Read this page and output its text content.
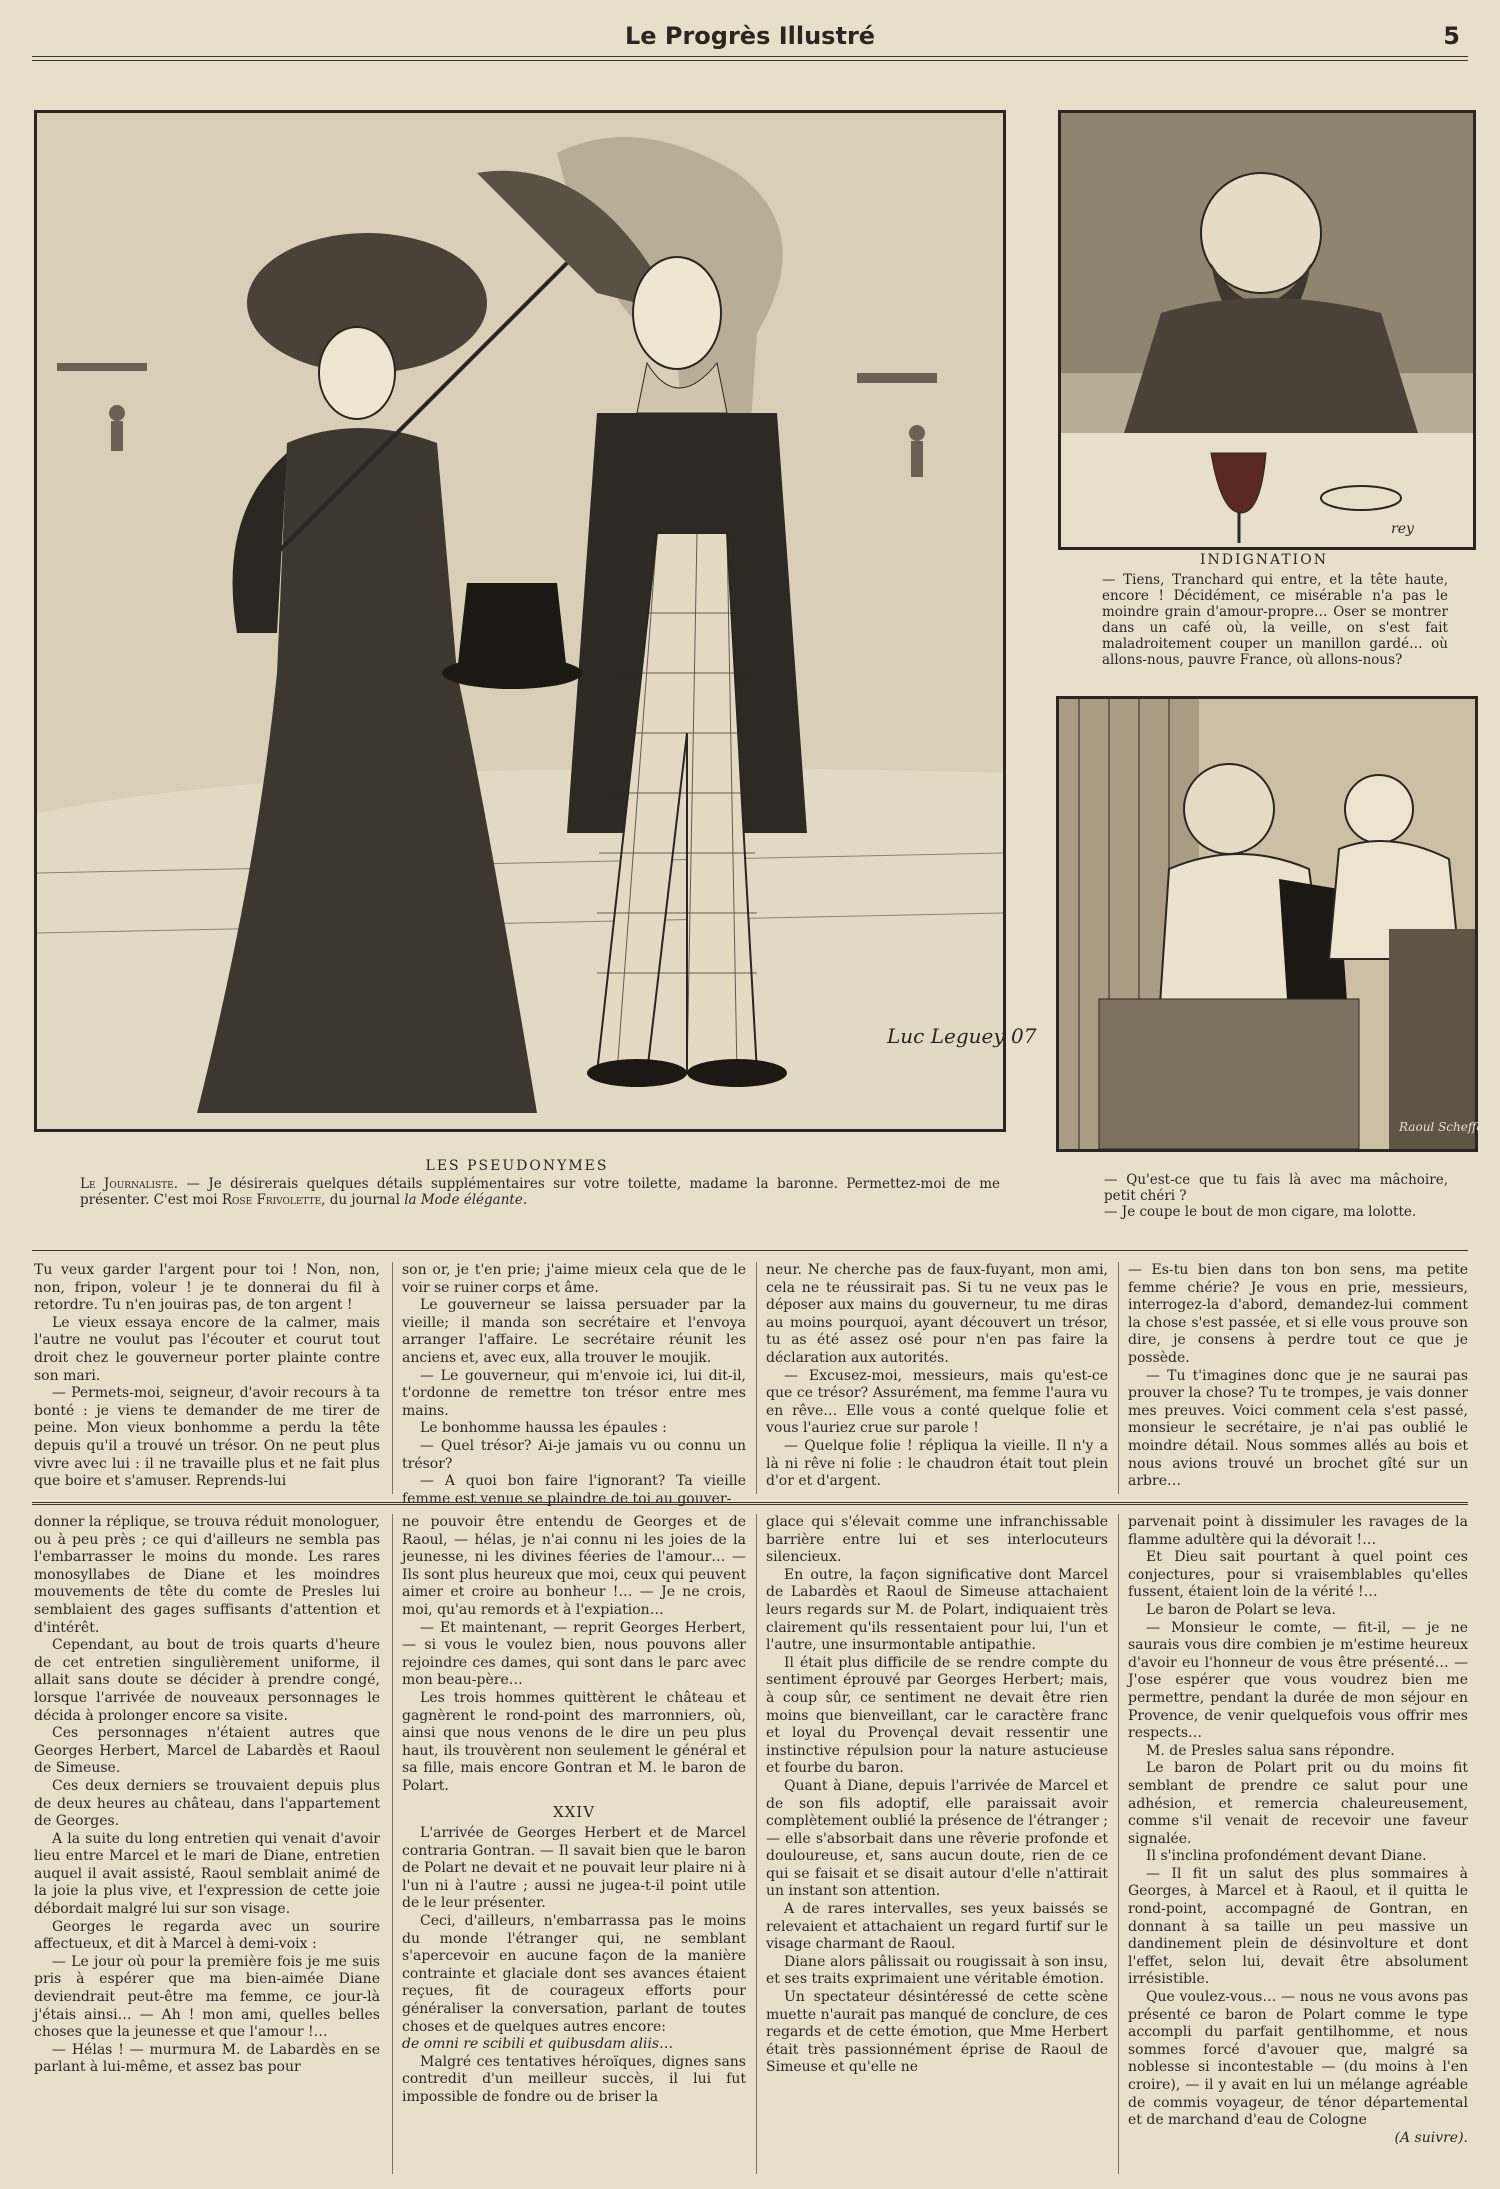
Le Progrès Illustré	5
Luc Leguey 07
rey
INDIGNATION
— Tiens, Tranchard qui entre, et la tête haute, encore ! Décidément, ce misérable n'a pas le moindre grain d'amour-propre… Oser se montrer dans un café où, la veille, on s'est fait maladroitement couper un manillon gardé… où allons-nous, pauvre France, où allons-nous?
Raoul Scheffer
LES PSEUDONYMES
Le Journaliste. — Je désirerais quelques détails supplémentaires sur votre toilette, madame la baronne. Permettez-moi de me présenter. C'est moi Rose Frivolette, du journal la Mode élégante.
— Qu'est-ce que tu fais là avec ma mâchoire, petit chéri ?
— Je coupe le bout de mon cigare, ma lolotte.

Tu veux garder l'argent pour toi ! Non, non, non, fripon, voleur ! je te donnerai du fil à retordre. Tu n'en jouiras pas, de ton argent !

Le vieux essaya encore de la calmer, mais l'autre ne voulut pas l'écouter et courut tout droit chez le gouverneur porter plainte contre son mari.

— Permets-moi, seigneur, d'avoir recours à ta bonté : je viens te demander de me tirer de peine. Mon vieux bonhomme a perdu la tête depuis qu'il a trouvé un trésor. On ne peut plus vivre avec lui : il ne travaille plus et ne fait plus que boire et s'amuser. Reprends-lui

son or, je t'en prie; j'aime mieux cela que de le voir se ruiner corps et âme.

Le gouverneur se laissa persuader par la vieille; il manda son secrétaire et l'envoya arranger l'affaire. Le secrétaire réunit les anciens et, avec eux, alla trouver le moujik.

— Le gouverneur, qui m'envoie ici, lui dit-il, t'ordonne de remettre ton trésor entre mes mains.

Le bonhomme haussa les épaules :

— Quel trésor? Ai-je jamais vu ou connu un trésor?

— A quoi bon faire l'ignorant? Ta vieille femme est venue se plaindre de toi au gouver-

neur. Ne cherche pas de faux-fuyant, mon ami, cela ne te réussirait pas. Si tu ne veux pas le déposer aux mains du gouverneur, tu me diras au moins pourquoi, ayant découvert un trésor, tu as été assez osé pour n'en pas faire la déclaration aux autorités.

— Excusez-moi, messieurs, mais qu'est-ce que ce trésor? Assurément, ma femme l'aura vu en rêve… Elle vous a conté quelque folie et vous l'auriez crue sur parole !

— Quelque folie ! répliqua la vieille. Il n'y a là ni rêve ni folie : le chaudron était tout plein d'or et d'argent.

— Es-tu bien dans ton bon sens, ma petite femme chérie? Je vous en prie, messieurs, interrogez-la d'abord, demandez-lui comment la chose s'est passée, et si elle vous prouve son dire, je consens à perdre tout ce que je possède.

— Tu t'imagines donc que je ne saurai pas prouver la chose? Tu te trompes, je vais donner mes preuves. Voici comment cela s'est passé, monsieur le secrétaire, je n'ai pas oublié le moindre détail. Nous sommes allés au bois et nous avions trouvé un brochet gîté sur un arbre…

donner la réplique, se trouva réduit monologuer, ou à peu près ; ce qui d'ailleurs ne sembla pas l'embarrasser le moins du monde. Les rares monosyllabes de Diane et les moindres mouvements de tête du comte de Presles lui semblaient des gages suffisants d'attention et d'intérêt.

Cependant, au bout de trois quarts d'heure de cet entretien singulièrement uniforme, il allait sans doute se décider à prendre congé, lorsque l'arrivée de nouveaux personnages le décida à prolonger encore sa visite.

Ces personnages n'étaient autres que Georges Herbert, Marcel de Labardès et Raoul de Simeuse.

Ces deux derniers se trouvaient depuis plus de deux heures au château, dans l'appartement de Georges.

A la suite du long entretien qui venait d'avoir lieu entre Marcel et le mari de Diane, entretien auquel il avait assisté, Raoul semblait animé de la joie la plus vive, et l'expression de cette joie débordait malgré lui sur son visage.

Georges le regarda avec un sourire affectueux, et dit à Marcel à demi-voix :

— Le jour où pour la première fois je me suis pris à espérer que ma bien-aimée Diane deviendrait peut-être ma femme, ce jour-là j'étais ainsi… — Ah ! mon ami, quelles belles choses que la jeunesse et que l'amour !…

— Hélas ! — murmura M. de Labardès en se parlant à lui-même, et assez bas pour

ne pouvoir être entendu de Georges et de Raoul, — hélas, je n'ai connu ni les joies de la jeunesse, ni les divines féeries de l'amour… — Ils sont plus heureux que moi, ceux qui peuvent aimer et croire au bonheur !… — Je ne crois, moi, qu'au remords et à l'expiation…

— Et maintenant, — reprit Georges Herbert, — si vous le voulez bien, nous pouvons aller rejoindre ces dames, qui sont dans le parc avec mon beau-père…

Les trois hommes quittèrent le château et gagnèrent le rond-point des marronniers, où, ainsi que nous venons de le dire un peu plus haut, ils trouvèrent non seulement le général et sa fille, mais encore Gontran et M. le baron de Polart.

XXIV

L'arrivée de Georges Herbert et de Marcel contraria Gontran. — Il savait bien que le baron de Polart ne devait et ne pouvait leur plaire ni à l'un ni à l'autre ; aussi ne jugea-t-il point utile de le leur présenter.

Ceci, d'ailleurs, n'embarrassa pas le moins du monde l'étranger qui, ne semblant s'apercevoir en aucune façon de la manière contrainte et glaciale dont ses avances étaient reçues, fit de courageux efforts pour généraliser la conversation, parlant de toutes choses et de quelques autres encore:

de omni re scibili et quibusdam aliis…

Malgré ces tentatives héroïques, dignes sans contredit d'un meilleur succès, il lui fut impossible de fondre ou de briser la

glace qui s'élevait comme une infranchissable barrière entre lui et ses interlocuteurs silencieux.

En outre, la façon significative dont Marcel de Labardès et Raoul de Simeuse attachaient leurs regards sur M. de Polart, indiquaient très clairement qu'ils ressentaient pour lui, l'un et l'autre, une insurmontable antipathie.

Il était plus difficile de se rendre compte du sentiment éprouvé par Georges Herbert; mais, à coup sûr, ce sentiment ne devait être rien moins que bienveillant, car le caractère franc et loyal du Provençal devait ressentir une instinctive répulsion pour la nature astucieuse et fourbe du baron.

Quant à Diane, depuis l'arrivée de Marcel et de son fils adoptif, elle paraissait avoir complètement oublié la présence de l'étranger ; — elle s'absorbait dans une rêverie profonde et douloureuse, et, sans aucun doute, rien de ce qui se faisait et se disait autour d'elle n'attirait un instant son attention.

A de rares intervalles, ses yeux baissés se relevaient et attachaient un regard furtif sur le visage charmant de Raoul.

Diane alors pâlissait ou rougissait à son insu, et ses traits exprimaient une véritable émotion.

Un spectateur désintéressé de cette scène muette n'aurait pas manqué de conclure, de ces regards et de cette émotion, que Mme Herbert était très passionnément éprise de Raoul de Simeuse et qu'elle ne

parvenait point à dissimuler les ravages de la flamme adultère qui la dévorait !…

Et Dieu sait pourtant à quel point ces conjectures, pour si vraisemblables qu'elles fussent, étaient loin de la vérité !…

Le baron de Polart se leva.

— Monsieur le comte, — fit-il, — je ne saurais vous dire combien je m'estime heureux d'avoir eu l'honneur de vous être présenté… — J'ose espérer que vous voudrez bien me permettre, pendant la durée de mon séjour en Provence, de venir quelquefois vous offrir mes respects…

M. de Presles salua sans répondre.

Le baron de Polart prit ou du moins fit semblant de prendre ce salut pour une adhésion, et remercia chaleureusement, comme s'il venait de recevoir une faveur signalée.

Il s'inclina profondément devant Diane.

— Il fit un salut des plus sommaires à Georges, à Marcel et à Raoul, et il quitta le rond-point, accompagné de Gontran, en donnant à sa taille un peu massive un dandinement plein de désinvolture et dont l'effet, selon lui, devait être absolument irrésistible.

Que voulez-vous… — nous ne vous avons pas présenté ce baron de Polart comme le type accompli du parfait gentilhomme, et nous sommes forcé d'avouer que, malgré sa noblesse si incontestable — (du moins à l'en croire), — il y avait en lui un mélange agréable de commis voyageur, de ténor départemental et de marchand d'eau de Cologne

(A suivre).
